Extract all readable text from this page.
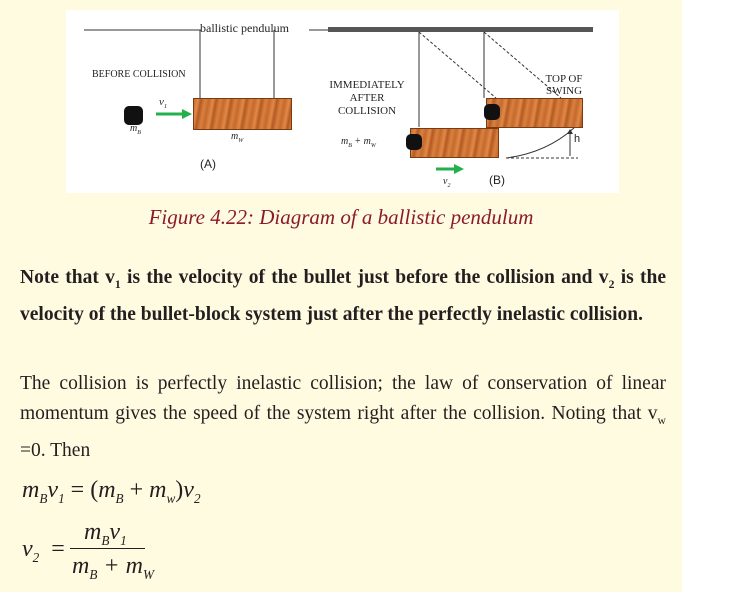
ballistic pendulum
BEFORE COLLISION
$v_1$
$m_B$	$m_W$
(A)
IMMEDIATELY
AFTER
COLLISION
$m_B + m_W$
TOP OF
SWING
h
$v_2$	(B)
Figure 4.22: Diagram of a ballistic pendulum
Note that $v_1$ is the velocity of the bullet just before the collision and $v_2$ is the velocity of the bullet-block system just after the perfectly inelastic collision.
The collision is perfectly inelastic collision; the law of conservation of linear momentum gives the speed of the system right after the collision. Noting that $v_w =0$. Then
$m_Bv_1 = (m_B + m_w)v_2$
$v_2$ =
$m_Bv_1$
$m_B + m_W$
